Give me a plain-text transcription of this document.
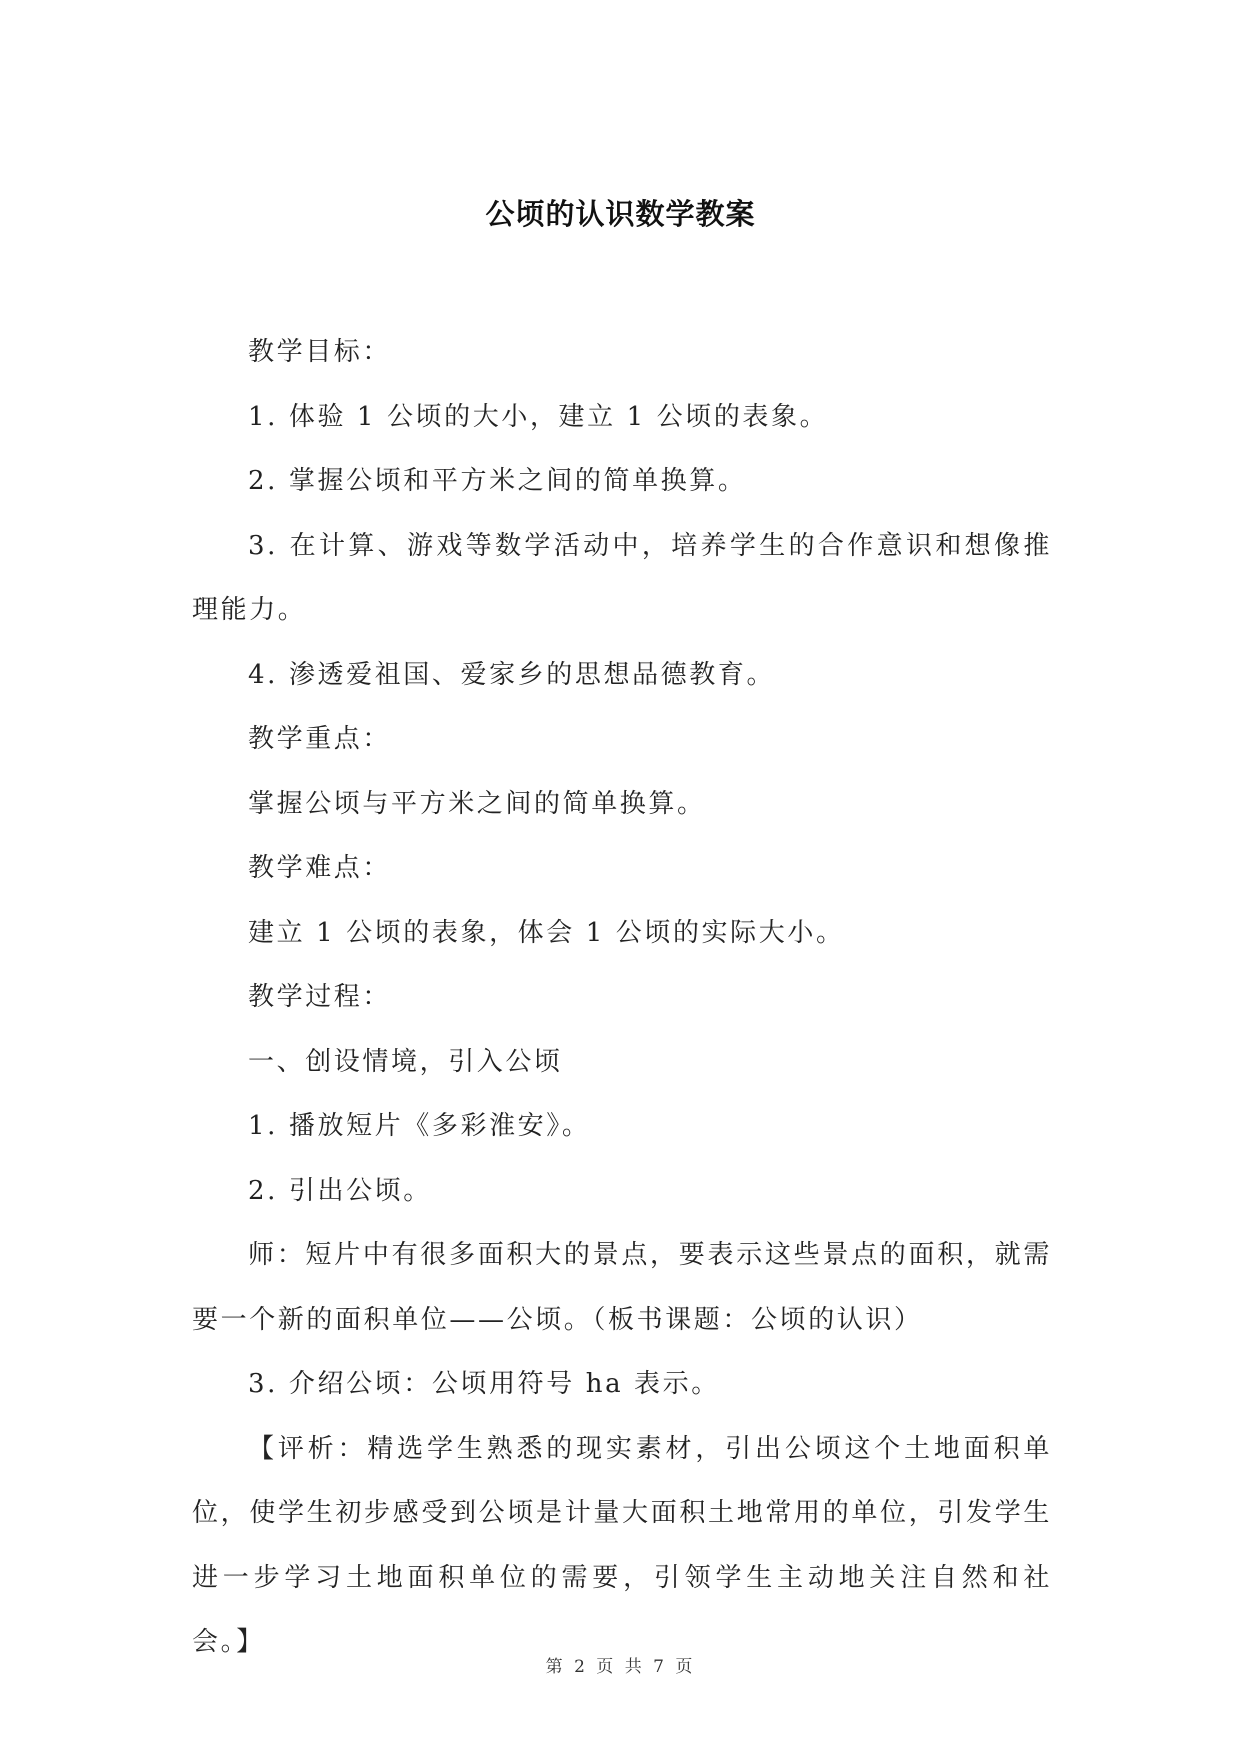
公顷的认识数学教案

教学目标：

1. 体验 1 公顷的大小，建立 1 公顷的表象。

2. 掌握公顷和平方米之间的简单换算。

3. 在计算、游戏等数学活动中，培养学生的合作意识和想像推理能力。

4. 渗透爱祖国、爱家乡的思想品德教育。

教学重点：

掌握公顷与平方米之间的简单换算。

教学难点：

建立 1 公顷的表象，体会 1 公顷的实际大小。

教学过程：

一、创设情境，引入公顷

1. 播放短片《多彩淮安》。

2. 引出公顷。

师：短片中有很多面积大的景点，要表示这些景点的面积，就需要一个新的面积单位——公顷。（板书课题：公顷的认识）

3. 介绍公顷：公顷用符号 ha 表示。

【评析：精选学生熟悉的现实素材，引出公顷这个土地面积单位，使学生初步感受到公顷是计量大面积土地常用的单位，引发学生进一步学习土地面积单位的需要，引领学生主动地关注自然和社会。】

第 2 页 共 7 页
